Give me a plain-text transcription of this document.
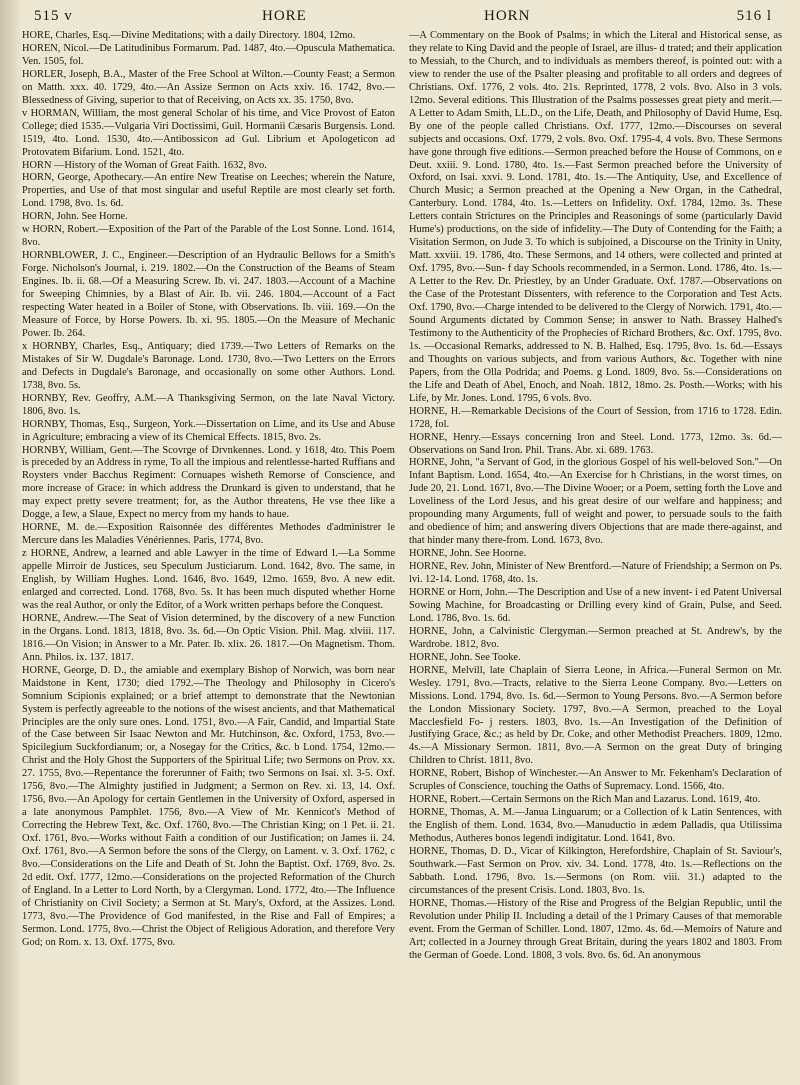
515 v	HORE	HORN	516 l

HORE, Charles, Esq.—Divine Meditations; with a daily Directory. 1804, 12mo.

HOREN, Nicol.—De Latitudinibus Formarum. Pad. 1487, 4to.—Opuscula Mathematica. Ven. 1505, fol.

HORLER, Joseph, B.A., Master of the Free School at Wilton.—County Feast; a Sermon on Matth. xxx. 40. 1729, 4to.—An Assize Sermon on Acts xxiv. 16. 1742, 8vo.—Blessedness of Giving, superior to that of Receiving, on Acts xx. 35. 1750, 8vo.

v HORMAN, William, the most general Scholar of his time, and Vice Provost of Eaton College; died 1535.—Vulgaria Viri Doctissimi, Guil. Hormanii Cæsaris Burgensis. Lond. 1519, 4to. Lond. 1530, 4to.—Antibossicon ad Gul. Librium et Apologeticon ad Protovatem Bifarium. Lond. 1521, 4to.

HORN —History of the Woman of Great Faith. 1632, 8vo.

HORN, George, Apothecary.—An entire New Treatise on Leeches; wherein the Nature, Properties, and Use of that most singular and useful Reptile are most clearly set forth. Lond. 1798, 8vo. 1s. 6d.

HORN, John. See Horne.

w HORN, Robert.—Exposition of the Part of the Parable of the Lost Sonne. Lond. 1614, 8vo.

HORNBLOWER, J. C., Engineer.—Description of an Hydraulic Bellows for a Smith's Forge. Nicholson's Journal, i. 219. 1802.—On the Construction of the Beams of Steam Engines. Ib. ii. 68.—Of a Measuring Screw. Ib. vi. 247. 1803.—Account of a Machine for Sweeping Chimnies, by a Blast of Air. Ib. vii. 246. 1804.—Account of a Fact respecting Water heated in a Boiler of Stone, with Observations. Ib. viii. 169.—On the Measure of Force, by Horse Powers. Ib. xi. 95. 1805.—On the Measure of Mechanic Power. Ib. 264.

x HORNBY, Charles, Esq., Antiquary; died 1739.—Two Letters of Remarks on the Mistakes of Sir W. Dugdale's Baronage. Lond. 1730, 8vo.—Two Letters on the Errors and Defects in Dugdale's Baronage, and occasionally on some other Authors. Lond. 1738, 8vo. 5s.

HORNBY, Rev. Geoffry, A.M.—A Thanksgiving Sermon, on the late Naval Victory. 1806, 8vo. 1s.

HORNBY, Thomas, Esq., Surgeon, York.—Dissertation on Lime, and its Use and Abuse in Agriculture; embracing a view of its Chemical Effects. 1815, 8vo. 2s.

HORNBY, William, Gent.—The Scovrge of Drvnkennes. Lond. y 1618, 4to. This Poem is preceded by an Address in ryme, To all the impious and relentlesse-harted Ruffians and Roysters vnder Bacchus Regiment: Cornuapes wisheth Remorse of Conscience, and more increase of Grace: in which address the Drunkard is given to understand, that he may expect pretty severe treatment; for, as the Author threatens, He vse thee like a Dogge, a Iew, a Slaue, Expect no mercy from my hands to haue.

HORNE, M. de.—Exposition Raisonnée des différentes Methodes d'administrer le Mercure dans les Maladies Vénériennes. Paris, 1774, 8vo.

z HORNE, Andrew, a learned and able Lawyer in the time of Edward I.—La Somme appelle Mirroir de Justices, seu Speculum Justiciarum. Lond. 1642, 8vo. The same, in English, by William Hughes. Lond. 1646, 8vo. 1649, 12mo. 1659, 8vo. A new edit. enlarged and corrected. Lond. 1768, 8vo. 5s. It has been much disputed whether Horne was the real Author, or only the Editor, of a Work written perhaps before the Conquest.

HORNE, Andrew.—The Seat of Vision determined, by the discovery of a new Function in the Organs. Lond. 1813, 1818, 8vo. 3s. 6d.—On Optic Vision. Phil. Mag. xlviii. 117. 1816.—On Vision; in Answer to a Mr. Pater. Ib. xlix. 26. 1817.—On Magnetism. Thom. Ann. Philos. ix. 137. 1817.

HORNE, George, D. D., the amiable and exemplary Bishop of Norwich, was born near Maidstone in Kent, 1730; died 1792.—The Theology and Philosophy in Cicero's Somnium Scipionis explained; or a brief attempt to demonstrate that the Newtonian System is perfectly agreeable to the notions of the wisest ancients, and that Mathematical Principles are the only sure ones. Lond. 1751, 8vo.—A Fair, Candid, and Impartial State of the Case between Sir Isaac Newton and Mr. Hutchinson, &c. Oxford, 1753, 8vo.—Spicilegium Suckfordianum; or, a Nosegay for the Critics, &c. b Lond. 1754, 12mo.—Christ and the Holy Ghost the Supporters of the Spiritual Life; two Sermons on Prov. xx. 27. 1755, 8vo.—Repentance the forerunner of Faith; two Sermons on Isai. xl. 3-5. Oxf. 1756, 8vo.—The Almighty justified in Judgment; a Sermon on Rev. xi. 13, 14. Oxf. 1756, 8vo.—An Apology for certain Gentlemen in the University of Oxford, aspersed in a late anonymous Pamphlet. 1756, 8vo.—A View of Mr. Kennicot's Method of Correcting the Hebrew Text, &c. Oxf. 1760, 8vo.—The Christian King; on 1 Pet. ii. 21. Oxf. 1761, 8vo.—Works without Faith a condition of our Justification; on James ii. 24. Oxf. 1761, 8vo.—A Sermon before the sons of the Clergy, on Lament. v. 3. Oxf. 1762, c 8vo.—Considerations on the Life and Death of St. John the Baptist. Oxf. 1769, 8vo. 2s. 2d edit. Oxf. 1777, 12mo.—Considerations on the projected Reformation of the Church of England. In a Letter to Lord North, by a Clergyman. Lond. 1772, 4to.—The Influence of Christianity on Civil Society; a Sermon at St. Mary's, Oxford, at the Assizes. Lond. 1773, 8vo.—The Providence of God manifested, in the Rise and Fall of Empires; a Sermon. Lond. 1775, 8vo.—Christ the Object of Religious Adoration, and therefore Very God; on Rom. x. 13. Oxf. 1775, 8vo.

—A Commentary on the Book of Psalms; in which the Literal and Historical sense, as they relate to King David and the people of Israel, are illus- d trated; and their application to Messiah, to the Church, and to individuals as members thereof, is pointed out: with a view to render the use of the Psalter pleasing and profitable to all orders and degrees of Christians. Oxf. 1776, 2 vols. 4to. 21s. Reprinted, 1778, 2 vols. 8vo. Also in 3 vols. 12mo. Several editions. This Illustration of the Psalms possesses great piety and merit.—A Letter to Adam Smith, LL.D., on the Life, Death, and Philosophy of David Hume, Esq. By one of the people called Christians. Oxf. 1777, 12mo.—Discourses on several subjects and occasions. Oxf. 1779, 2 vols. 8vo. Oxf. 1795-4, 4 vols. 8vo. These Sermons have gone through five editions.—Sermon preached before the House of Commons, on e Deut. xxiii. 9. Lond. 1780, 4to. 1s.—Fast Sermon preached before the University of Oxford, on Isai. xxvi. 9. Lond. 1781, 4to. 1s.—The Antiquity, Use, and Excellence of Church Music; a Sermon preached at the Opening a New Organ, in the Cathedral, Canterbury. Lond. 1784, 4to. 1s.—Letters on Infidelity. Oxf. 1784, 12mo. 3s. These Letters contain Strictures on the Principles and Reasonings of some (particularly David Hume's) productions, on the side of infidelity.—The Duty of Contending for the Faith; a Visitation Sermon, on Jude 3. To which is subjoined, a Discourse on the Trinity in Unity, Matt. xxviii. 19. 1786, 4to. These Sermons, and 14 others, were collected and printed at Oxf. 1795, 8vo.—Sun- f day Schools recommended, in a Sermon. Lond. 1786, 4to. 1s.—A Letter to the Rev. Dr. Priestley, by an Under Graduate. Oxf. 1787.—Observations on the Case of the Protestant Dissenters, with reference to the Corporation and Test Acts. Oxf. 1790, 8vo.—Charge intended to be delivered to the Clergy of Norwich. 1791, 4to.—Sound Arguments dictated by Common Sense; in answer to Nath. Brassey Halhed's Testimony to the Authenticity of the Prophecies of Richard Brothers, &c. Oxf. 1795, 8vo. 1s. —Occasional Remarks, addressed to N. B. Halhed, Esq. 1795, 8vo. 1s. 6d.—Essays and Thoughts on various subjects, and from various Authors, &c. Together with nine Papers, from the Olla Podrida; and Poems. g Lond. 1809, 8vo. 5s.—Considerations on the Life and Death of Abel, Enoch, and Noah. 1812, 18mo. 2s. Posth.—Works; with his Life, by Mr. Jones. Lond. 1795, 6 vols. 8vo.

HORNE, H.—Remarkable Decisions of the Court of Session, from 1716 to 1728. Edin. 1728, fol.

HORNE, Henry.—Essays concerning Iron and Steel. Lond. 1773, 12mo. 3s. 6d.—Observations on Sand Iron. Phil. Trans. Abr. xi. 689. 1763.

HORNE, John, "a Servant of God, in the glorious Gospel of his well-beloved Son."—On Infant Baptism. Lond. 1654, 4to.—An Exercise for h Christians, in the worst times, on Jude 20, 21. Lond. 1671, 8vo.—The Divine Wooer; or a Poem, setting forth the Love and Loveliness of the Lord Jesus, and his great desire of our welfare and happiness; and propounding many Arguments, full of weight and power, to persuade souls to the faith and obedience of him; and answering divers Objections that are made there-against, and that hinder many there-from. Lond. 1673, 8vo.

HORNE, John. See Hoorne.

HORNE, Rev. John, Minister of New Brentford.—Nature of Friendship; a Sermon on Ps. lvi. 12-14. Lond. 1768, 4to. 1s.

HORNE or Horn, John.—The Description and Use of a new invent- i ed Patent Universal Sowing Machine, for Broadcasting or Drilling every kind of Grain, Pulse, and Seed. Lond. 1786, 8vo. 1s. 6d.

HORNE, John, a Calvinistic Clergyman.—Sermon preached at St. Andrew's, by the Wardrobe. 1812, 8vo.

HORNE, John. See Tooke.

HORNE, Melvill, late Chaplain of Sierra Leone, in Africa.—Funeral Sermon on Mr. Wesley. 1791, 8vo.—Tracts, relative to the Sierra Leone Company. 8vo.—Letters on Missions. Lond. 1794, 8vo. 1s. 6d.—Sermon to Young Persons. 8vo.—A Sermon before the London Missionary Society. 1797, 8vo.—A Sermon, preached to the Loyal Macclesfield Fo- j resters. 1803, 8vo. 1s.—An Investigation of the Definition of Justifying Grace, &c.; as held by Dr. Coke, and other Methodist Preachers. 1809, 12mo. 4s.—A Missionary Sermon. 1811, 8vo.—A Sermon on the great Duty of bringing Children to Christ. 1811, 8vo.

HORNE, Robert, Bishop of Winchester.—An Answer to Mr. Fekenham's Declaration of Scruples of Conscience, touching the Oaths of Supremacy. Lond. 1566, 4to.

HORNE, Robert.—Certain Sermons on the Rich Man and Lazarus. Lond. 1619, 4to.

HORNE, Thomas, A. M.—Janua Linguarum; or a Collection of k Latin Sentences, with the English of them. Lond. 1634, 8vo.—Manuductio in ædem Palladis, qua Utilissima Methodus, Autheres bonos legendi indigitatur. Lond. 1641, 8vo.

HORNE, Thomas, D. D., Vicar of Kilkington, Herefordshire, Chaplain of St. Saviour's, Southwark.—Fast Sermon on Prov. xiv. 34. Lond. 1778, 4to. 1s.—Reflections on the Sabbath. Lond. 1796, 8vo. 1s.—Sermons (on Rom. viii. 31.) adapted to the circumstances of the present Crisis. Lond. 1803, 8vo. 1s.

HORNE, Thomas.—History of the Rise and Progress of the Belgian Republic, until the Revolution under Philip II. Including a detail of the l Primary Causes of that memorable event. From the German of Schiller. Lond. 1807, 12mo. 4s. 6d.—Memoirs of Nature and Art; collected in a Journey through Great Britain, during the years 1802 and 1803. From the German of Goede. Lond. 1808, 3 vols. 8vo. 6s. 6d. An anonymous
